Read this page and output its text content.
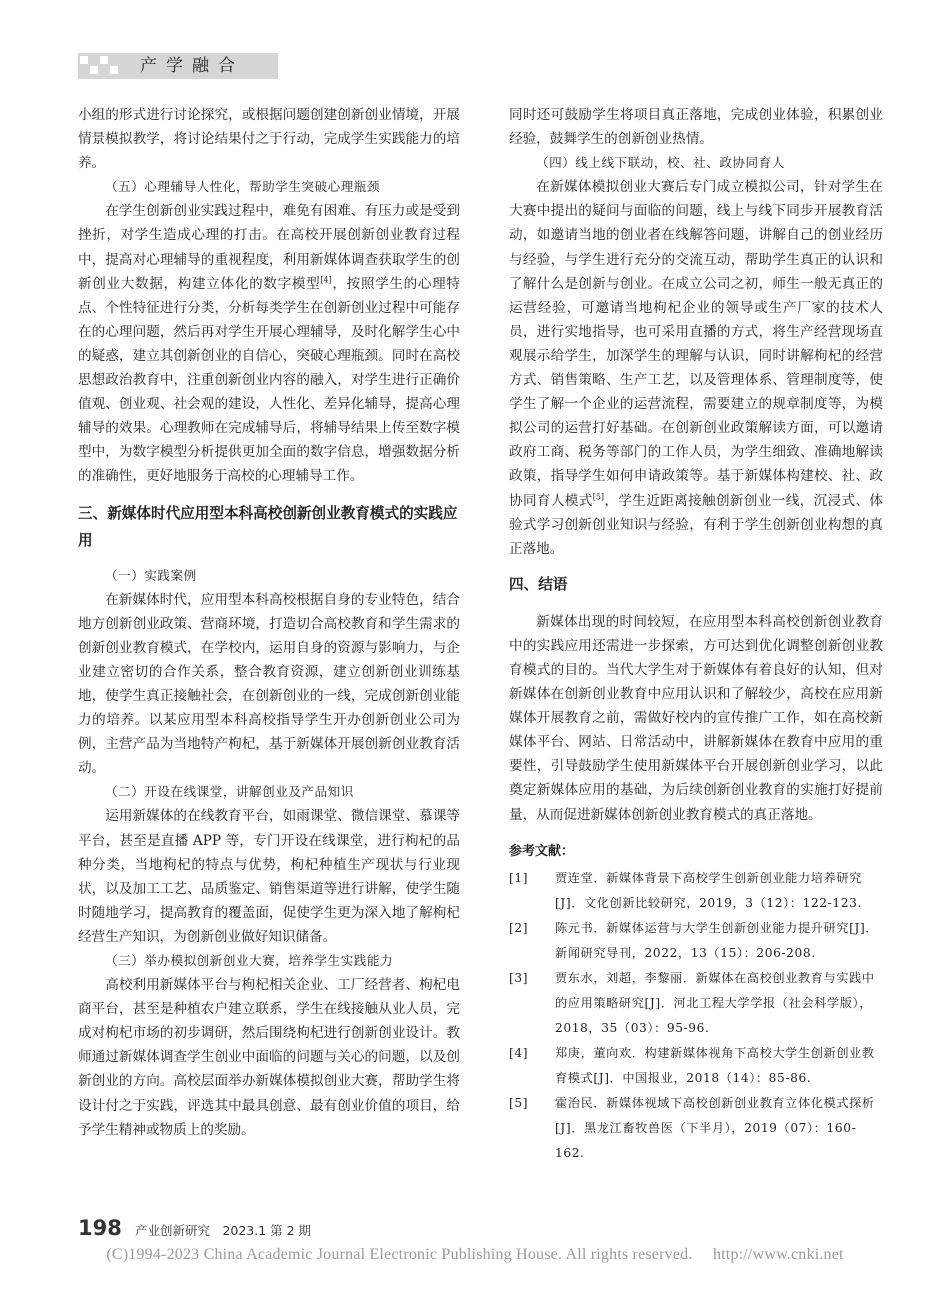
产学融合

小组的形式进行讨论探究，或根据问题创建创新创业情境，开展情景模拟教学，将讨论结果付之于行动，完成学生实践能力的培养。

（五）心理辅导人性化，帮助学生突破心理瓶颈

在学生创新创业实践过程中，难免有困难、有压力或是受到挫折，对学生造成心理的打击。在高校开展创新创业教育过程中，提高对心理辅导的重视程度，利用新媒体调查获取学生的创新创业大数据，构建立体化的数字模型[4]，按照学生的心理特点、个性特征进行分类，分析每类学生在创新创业过程中可能存在的心理问题，然后再对学生开展心理辅导，及时化解学生心中的疑惑，建立其创新创业的自信心，突破心理瓶颈。同时在高校思想政治教育中，注重创新创业内容的融入，对学生进行正确价值观、创业观、社会观的建设，人性化、差异化辅导，提高心理辅导的效果。心理教师在完成辅导后，将辅导结果上传至数字模型中，为数字模型分析提供更加全面的数字信息，增强数据分析的准确性，更好地服务于高校的心理辅导工作。

三、新媒体时代应用型本科高校创新创业教育模式的实践应用

（一）实践案例

在新媒体时代，应用型本科高校根据自身的专业特色，结合地方创新创业政策、营商环境，打造切合高校教育和学生需求的创新创业教育模式，在学校内，运用自身的资源与影响力，与企业建立密切的合作关系，整合教育资源，建立创新创业训练基地，使学生真正接触社会，在创新创业的一线，完成创新创业能力的培养。以某应用型本科高校指导学生开办创新创业公司为例，主营产品为当地特产枸杞，基于新媒体开展创新创业教育活动。

（二）开设在线课堂，讲解创业及产品知识

运用新媒体的在线教育平台，如雨课堂、微信课堂、慕课等平台，甚至是直播 APP 等，专门开设在线课堂，进行枸杞的品种分类，当地枸杞的特点与优势，枸杞种植生产现状与行业现状，以及加工工艺、品质鉴定、销售渠道等进行讲解，使学生随时随地学习，提高教育的覆盖面，促使学生更为深入地了解枸杞经营生产知识，为创新创业做好知识储备。

（三）举办模拟创新创业大赛，培养学生实践能力

高校利用新媒体平台与枸杞相关企业、工厂经营者、枸杞电商平台，甚至是种植农户建立联系，学生在线接触从业人员，完成对枸杞市场的初步调研，然后围绕枸杞进行创新创业设计。教师通过新媒体调查学生创业中面临的问题与关心的问题，以及创新创业的方向。高校层面举办新媒体模拟创业大赛，帮助学生将设计付之于实践，评选其中最具创意、最有创业价值的项目，给予学生精神或物质上的奖励。

同时还可鼓励学生将项目真正落地，完成创业体验，积累创业经验，鼓舞学生的创新创业热情。

（四）线上线下联动，校、社、政协同育人

在新媒体模拟创业大赛后专门成立模拟公司，针对学生在大赛中提出的疑问与面临的问题，线上与线下同步开展教育活动，如邀请当地的创业者在线解答问题，讲解自己的创业经历与经验，与学生进行充分的交流互动，帮助学生真正的认识和了解什么是创新与创业。在成立公司之初，师生一般无真正的运营经验，可邀请当地枸杞企业的领导或生产厂家的技术人员，进行实地指导，也可采用直播的方式，将生产经营现场直观展示给学生，加深学生的理解与认识，同时讲解枸杞的经营方式、销售策略、生产工艺，以及管理体系、管理制度等，使学生了解一个企业的运营流程，需要建立的规章制度等，为模拟公司的运营打好基础。在创新创业政策解读方面，可以邀请政府工商、税务等部门的工作人员，为学生细致、准确地解读政策，指导学生如何申请政策等。基于新媒体构建校、社、政协同育人模式[5]，学生近距离接触创新创业一线，沉浸式、体验式学习创新创业知识与经验，有利于学生创新创业构想的真正落地。

四、结语

新媒体出现的时间较短，在应用型本科高校创新创业教育中的实践应用还需进一步探索，方可达到优化调整创新创业教育模式的目的。当代大学生对于新媒体有着良好的认知，但对新媒体在创新创业教育中应用认识和了解较少，高校在应用新媒体开展教育之前，需做好校内的宣传推广工作，如在高校新媒体平台、网站、日常活动中，讲解新媒体在教育中应用的重要性，引导鼓励学生使用新媒体平台开展创新创业学习，以此奠定新媒体应用的基础，为后续创新创业教育的实施打好提前量，从而促进新媒体创新创业教育模式的真正落地。

参考文献：

[1] 贾连堂．新媒体背景下高校学生创新创业能力培养研究[J]．文化创新比较研究，2019，3（12）：122-123.
[2] 陈元书．新媒体运营与大学生创新创业能力提升研究[J]．新闻研究导刊，2022，13（15）：206-208.
[3] 贾东水，刘超，李黎丽．新媒体在高校创业教育与实践中的应用策略研究[J]．河北工程大学学报（社会科学版），2018，35（03）：95-96.
[4] 郑庚，董向欢．构建新媒体视角下高校大学生创新创业教育模式[J]．中国报业，2018（14）：85-86.
[5] 霍治民．新媒体视域下高校创新创业教育立体化模式探析[J]．黑龙江畜牧兽医（下半月），2019（07）：160-162.
198 产业创新研究　2023.1 第 2 期
(C)1994-2023 China Academic Journal Electronic Publishing House. All rights reserved.　 http://www.cnki.net
